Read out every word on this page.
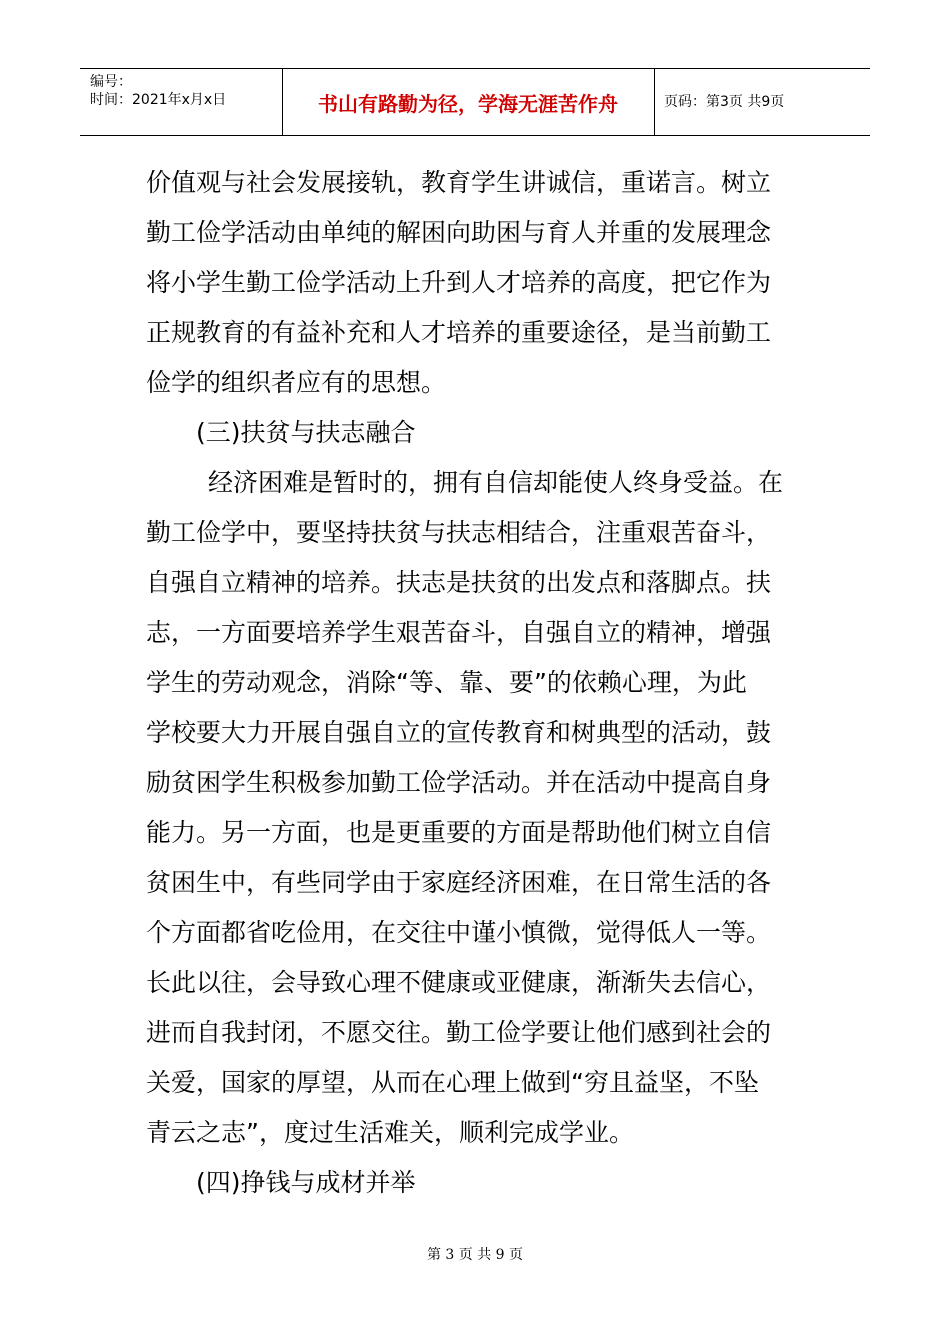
编号：
时间：2021年x月x日	书山有路勤为径，学海无涯苦作舟	页码：第3页 共9页
价值观与社会发展接轨，教育学生讲诚信，重诺言。树立
勤工俭学活动由单纯的解困向助困与育人并重的发展理念
将小学生勤工俭学活动上升到人才培养的高度，把它作为
正规教育的有益补充和人才培养的重要途径，是当前勤工
俭学的组织者应有的思想。
(三)扶贫与扶志融合
经济困难是暂时的，拥有自信却能使人终身受益。在
勤工俭学中，要坚持扶贫与扶志相结合，注重艰苦奋斗，
自强自立精神的培养。扶志是扶贫的出发点和落脚点。扶
志，一方面要培养学生艰苦奋斗，自强自立的精神，增强
学生的劳动观念，消除“等、靠、要”的依赖心理，为此
学校要大力开展自强自立的宣传教育和树典型的活动，鼓
励贫困学生积极参加勤工俭学活动。并在活动中提高自身
能力。另一方面，也是更重要的方面是帮助他们树立自信
贫困生中，有些同学由于家庭经济困难，在日常生活的各
个方面都省吃俭用，在交往中谨小慎微，觉得低人一等。
长此以往，会导致心理不健康或亚健康，渐渐失去信心，
进而自我封闭，不愿交往。勤工俭学要让他们感到社会的
关爱，国家的厚望，从而在心理上做到“穷且益坚，不坠
青云之志”，度过生活难关，顺利完成学业。
(四)挣钱与成材并举
第 3 页 共 9 页
